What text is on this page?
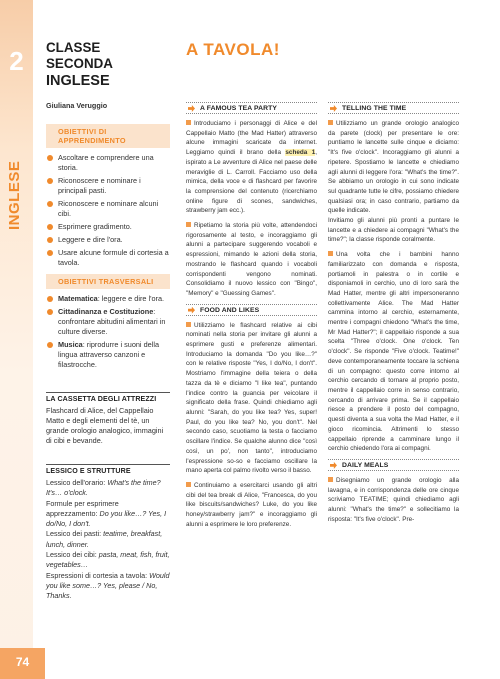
2
INGLESE
74
CLASSE SECONDA
INGLESE
Giuliana Veruggio
OBIETTIVI DI APPRENDIMENTO
Ascoltare e comprendere una storia.
Riconoscere e nominare i principali pasti.
Riconoscere e nominare alcuni cibi.
Esprimere gradimento.
Leggere e dire l'ora.
Usare alcune formule di cortesia a tavola.
OBIETTIVI TRASVERSALI
Matematica: leggere e dire l'ora.
Cittadinanza e Costituzione: confrontare abitudini alimentari in culture diverse.
Musica: riprodurre i suoni della lingua attraverso canzoni e filastrocche.
LA CASSETTA DEGLI ATTREZZI
Flashcard di Alice, del Cappellaio Matto e degli elementi del tè, un grande orologio analogico, immagini di cibi e bevande.
LESSICO E STRUTTURE
Lessico dell'orario: What's the time? It's… o'clock.
Formule per esprimere apprezzamento: Do you like…? Yes, I do/No, I don't.
Lessico dei pasti: teatime, breakfast, lunch, dinner.
Lessico dei cibi: pasta, meat, fish, fruit, vegetables…
Espressioni di cortesia a tavola: Would you like some…? Yes, please / No, Thanks.
A TAVOLA!
A FAMOUS TEA PARTY
Introduciamo i personaggi di Alice e del Cappellaio Matto (the Mad Hatter) attraverso alcune immagini scaricate da internet. Leggiamo quindi il brano della scheda 1, ispirato a Le avventure di Alice nel paese delle meraviglie di L. Carroll. Facciamo uso della mimica, della voce e di flashcard per favorire la comprensione del contenuto (ricerchiamo online figure di scones, sandwiches, strawberry jam ecc.).
Ripetiamo la storia più volte, attendendoci rigorosamente al testo, e incoraggiamo gli alunni a partecipare suggerendo vocaboli e espressioni, mimando le azioni della storia, mostrando le flashcard quando i vocaboli corrispondenti vengono nominati. Consolidiamo il nuovo lessico con "Bingo", "Memory" e "Guessing Games".
FOOD AND LIKES
Utilizziamo le flashcard relative ai cibi nominati nella storia per invitare gli alunni a esprimere gusti e preferenze alimentari. Introduciamo la domanda "Do you like…?" con le relative risposte "Yes, I do/No, I don't". Mostriamo l'immagine della teiera o della tazza da tè e diciamo "I like tea", puntando l'indice contro la guancia per veicolare il significato della frase. Quindi chiediamo agli alunni: "Sarah, do you like tea? Yes, super! Paul, do you like tea? No, you don't". Nel secondo caso, scuotiamo la testa o facciamo oscillare l'indice. Se qualche alunno dice "così così, un po', non tanto", introduciamo l'espressione so-so e facciamo oscillare la mano aperta col palmo rivolto verso il basso.
Continuiamo a esercitarci usando gli altri cibi del tea break di Alice, "Francesca, do you like biscuits/sandwiches? Luke, do you like honey/strawberry jam?" e incoraggiamo gli alunni a esprimere le loro preferenze.
TELLING THE TIME
Utilizziamo un grande orologio analogico da parete (clock) per presentare le ore: puntiamo le lancette sulle cinque e diciamo: "It's five o'clock". Incoraggiamo gli alunni a ripetere. Spostiamo le lancette e chiediamo agli alunni di leggere l'ora: "What's the time?". Se abbiamo un orologio in cui sono indicate sul quadrante tutte le cifre, possiamo chiedere qualsiasi ora; in caso contrario, partiamo da quelle indicate.
Invitiamo gli alunni più pronti a puntare le lancette e a chiedere ai compagni "What's the time?"; la classe risponde coralmente.
Una volta che i bambini hanno familiarizzato con domanda e risposta, portiamoli in palestra o in cortile e disponiamoli in cerchio, uno di loro sarà the Mad Hatter, mentre gli altri impersoneranno collettivamente Alice. The Mad Hatter cammina intorno al cerchio, esternamente, mentre i compagni chiedono "What's the time, Mr Mad Hatter?"; il cappellaio risponde a sua scelta "Three o'clock. One o'clock. Ten o'clock". Se risponde "Five o'clock. Teatime!" deve contemporaneamente toccare la schiena di un compagno: questo corre intorno al cerchio cercando di tornare al proprio posto, mentre il cappellaio corre in senso contrario, cercando di arrivare prima. Se il cappellaio riesce a prendere il posto del compagno, questi diventa a sua volta the Mad Hatter, e il gioco ricomincia. Altrimenti lo stesso cappellaio riprende a camminare lungo il cerchio chiedendo l'ora ai compagni.
DAILY MEALS
Disegniamo un grande orologio alla lavagna, e in corrispondenza delle ore cinque scriviamo TEATIME; quindi chiediamo agli alunni: "What's the time?" e sollecitiamo la risposta: "It's five o'clock". Pre-
